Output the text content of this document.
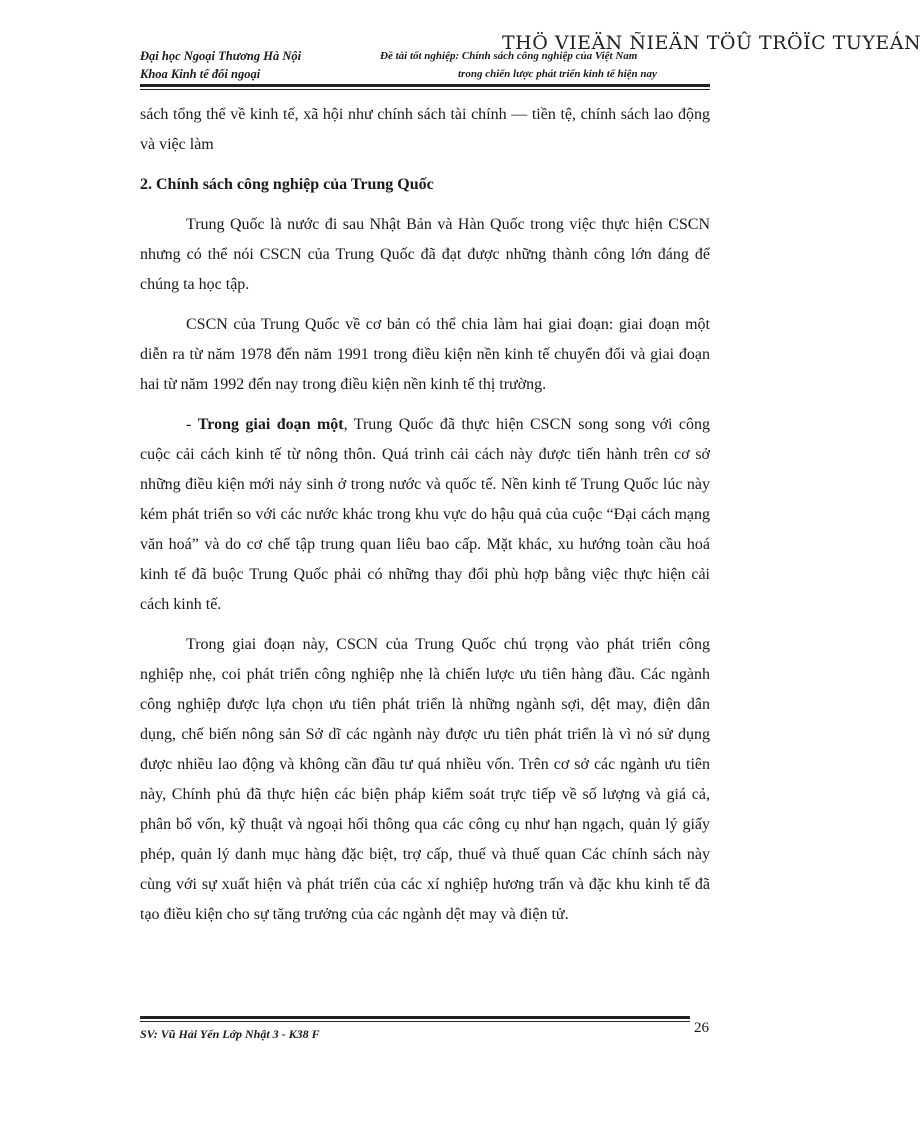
THÖ VIEÄN ÑIEÄN TÖÛ TRÖÏC TUYEÁN
Đại học Ngoại Thương Hà Nội
Khoa Kinh tế đối ngoại
Đề tài tốt nghiệp: Chính sách công nghiệp của Việt Nam
trong chiến lược phát triển kinh tế hiện nay

sách tổng thể về kinh tế, xã hội như chính sách tài chính — tiền tệ, chính sách lao động và việc làm

2. Chính sách công nghiệp của Trung Quốc

Trung Quốc là nước đi sau Nhật Bản và Hàn Quốc trong việc thực hiện CSCN nhưng có thể nói CSCN của Trung Quốc đã đạt được những thành công lớn đáng để chúng ta học tập.

CSCN của Trung Quốc về cơ bản có thể chia làm hai giai đoạn: giai đoạn một diễn ra từ năm 1978 đến năm 1991 trong điều kiện nền kinh tế chuyển đổi và giai đoạn hai từ năm 1992 đến nay trong điều kiện nền kinh tế thị trường.

- Trong giai đoạn một, Trung Quốc đã thực hiện CSCN song song với công cuộc cải cách kinh tế từ nông thôn. Quá trình cải cách này được tiến hành trên cơ sở những điều kiện mới nảy sinh ở trong nước và quốc tế. Nền kinh tế Trung Quốc lúc này kém phát triển so với các nước khác trong khu vực do hậu quả của cuộc “Đại cách mạng văn hoá” và do cơ chế tập trung quan liêu bao cấp. Mặt khác, xu hướng toàn cầu hoá kinh tế đã buộc Trung Quốc phải có những thay đổi phù hợp bằng việc thực hiện cải cách kinh tế.

Trong giai đoạn này, CSCN của Trung Quốc chú trọng vào phát triển công nghiệp nhẹ, coi phát triển công nghiệp nhẹ là chiến lược ưu tiên hàng đầu. Các ngành công nghiệp được lựa chọn ưu tiên phát triển là những ngành sợi, dệt may, điện dân dụng, chế biến nông sản Sở dĩ các ngành này được ưu tiên phát triển là vì nó sử dụng được nhiều lao động và không cần đầu tư quá nhiều vốn. Trên cơ sở các ngành ưu tiên này, Chính phủ đã thực hiện các biện pháp kiểm soát trực tiếp về số lượng và giá cả, phân bổ vốn, kỹ thuật và ngoại hối thông qua các công cụ như hạn ngạch, quản lý giấy phép, quản lý danh mục hàng đặc biệt, trợ cấp, thuế và thuế quan Các chính sách này cùng với sự xuất hiện và phát triển của các xí nghiệp hương trấn và đặc khu kinh tế đã tạo điều kiện cho sự tăng trưởng của các ngành dệt may và điện tử.

SV: Vũ Hải Yến Lớp Nhật 3 - K38 F	26
